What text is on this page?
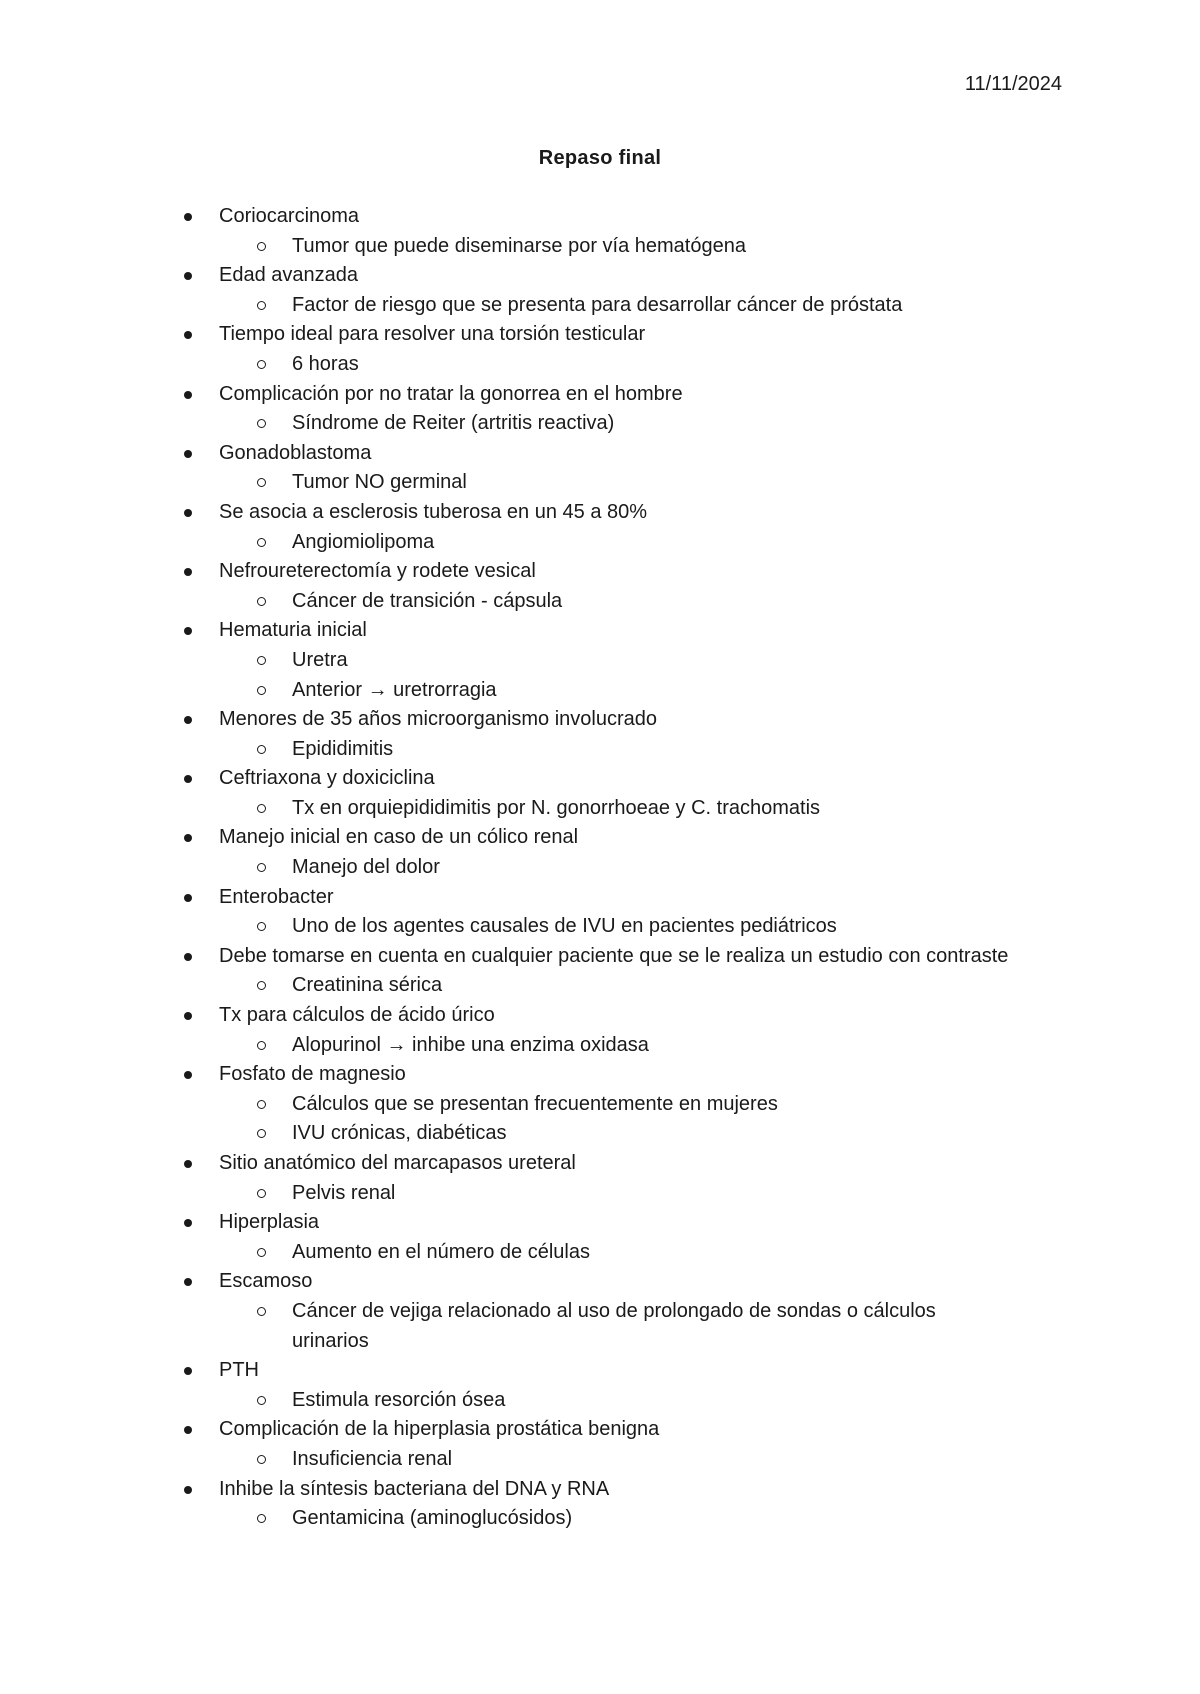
11/11/2024
Repaso final
Coriocarcinoma
Tumor que puede diseminarse por vía hematógena
Edad avanzada
Factor de riesgo que se presenta para desarrollar cáncer de próstata
Tiempo ideal para resolver una torsión testicular
6 horas
Complicación por no tratar la gonorrea en el hombre
Síndrome de Reiter (artritis reactiva)
Gonadoblastoma
Tumor NO germinal
Se asocia a esclerosis tuberosa en un 45 a 80%
Angiomiolipoma
Nefroureterectomía y rodete vesical
Cáncer de transición - cápsula
Hematuria inicial
Uretra
Anterior → uretrorragia
Menores de 35 años microorganismo involucrado
Epididimitis
Ceftriaxona y doxiciclina
Tx en orquiepididimitis por N. gonorrhoeae y C. trachomatis
Manejo inicial en caso de un cólico renal
Manejo del dolor
Enterobacter
Uno de los agentes causales de IVU en pacientes pediátricos
Debe tomarse en cuenta en cualquier paciente que se le realiza un estudio con contraste
Creatinina sérica
Tx para cálculos de ácido úrico
Alopurinol → inhibe una enzima oxidasa
Fosfato de magnesio
Cálculos que se presentan frecuentemente en mujeres
IVU crónicas, diabéticas
Sitio anatómico del marcapasos ureteral
Pelvis renal
Hiperplasia
Aumento en el número de células
Escamoso
Cáncer de vejiga relacionado al uso de prolongado de sondas o cálculos urinarios
PTH
Estimula resorción ósea
Complicación de la hiperplasia prostática benigna
Insuficiencia renal
Inhibe la síntesis bacteriana del DNA y RNA
Gentamicina (aminoglucósidos)
